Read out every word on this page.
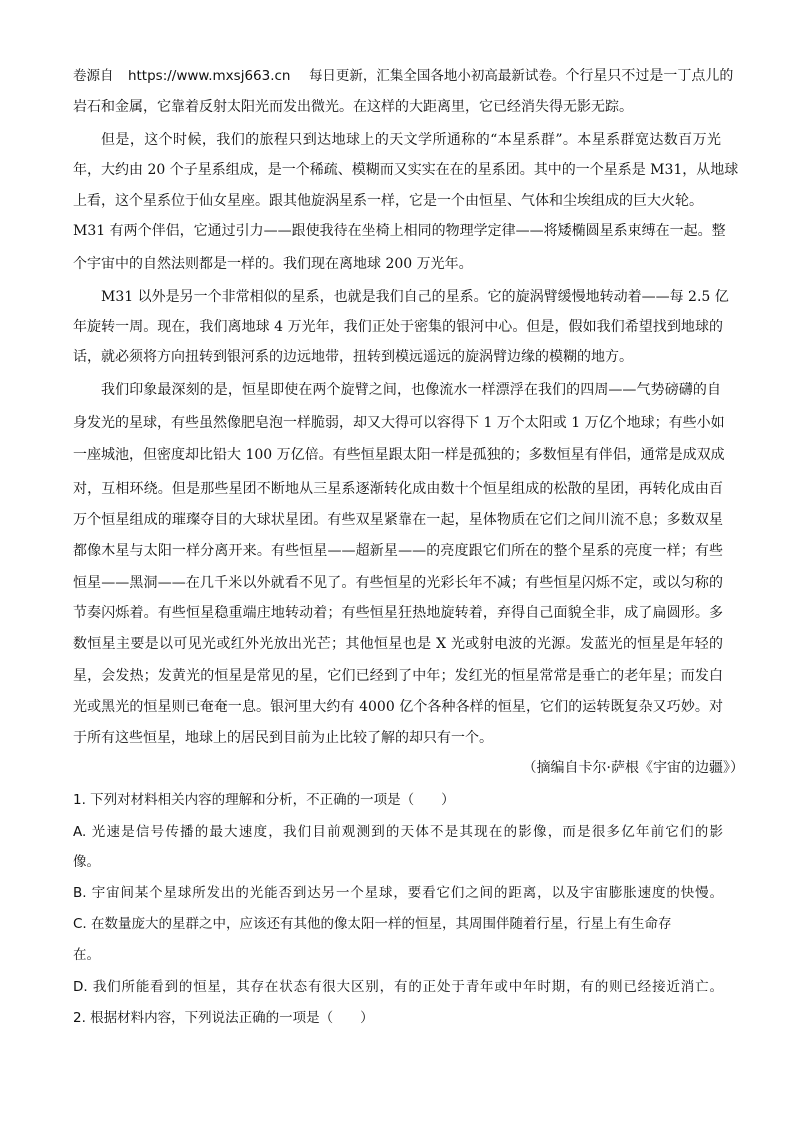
卷源自 https://www.mxsj663.cn 每日更新，汇集全国各地小初高最新试卷。个行星只不过是一丁点儿的
岩石和金属，它靠着反射太阳光而发出微光。在这样的大距离里，它已经消失得无影无踪。
但是，这个时候，我们的旅程只到达地球上的天文学所通称的“本星系群”。本星系群宽达数百万光
年，大约由 20 个子星系组成，是一个稀疏、模糊而又实实在在的星系团。其中的一个星系是 M31，从地球
上看，这个星系位于仙女星座。跟其他旋涡星系一样，它是一个由恒星、气体和尘埃组成的巨大火轮。
M31 有两个伴侣，它通过引力——跟使我待在坐椅上相同的物理学定律——将矮椭圆星系束缚在一起。整
个宇宙中的自然法则都是一样的。我们现在离地球 200 万光年。
M31 以外是另一个非常相似的星系，也就是我们自己的星系。它的旋涡臂缓慢地转动着——每 2.5 亿
年旋转一周。现在，我们离地球 4 万光年，我们正处于密集的银河中心。但是，假如我们希望找到地球的
话，就必须将方向扭转到银河系的边远地带，扭转到模远遥远的旋涡臂边缘的模糊的地方。
我们印象最深刻的是，恒星即使在两个旋臂之间，也像流水一样漂浮在我们的四周——气势磅礴的自
身发光的星球，有些虽然像肥皂泡一样脆弱，却又大得可以容得下 1 万个太阳或 1 万亿个地球；有些小如
一座城池，但密度却比铅大 100 万亿倍。有些恒星跟太阳一样是孤独的；多数恒星有伴侣，通常是成双成
对，互相环绕。但是那些星团不断地从三星系逐渐转化成由数十个恒星组成的松散的星团，再转化成由百
万个恒星组成的璀璨夺目的大球状星团。有些双星紧靠在一起，星体物质在它们之间川流不息；多数双星
都像木星与太阳一样分离开来。有些恒星——超新星——的亮度跟它们所在的整个星系的亮度一样；有些
恒星——黑洞——在几千米以外就看不见了。有些恒星的光彩长年不减；有些恒星闪烁不定，或以匀称的
节奏闪烁着。有些恒星稳重端庄地转动着；有些恒星狂热地旋转着，弃得自己面貌全非，成了扁圆形。多
数恒星主要是以可见光或红外光放出光芒；其他恒星也是 X 光或射电波的光源。发蓝光的恒星是年轻的
星，会发热；发黄光的恒星是常见的星，它们已经到了中年；发红光的恒星常常是垂亡的老年星；而发白
光或黑光的恒星则已奄奄一息。银河里大约有 4000 亿个各种各样的恒星，它们的运转既复杂又巧妙。对
于所有这些恒星，地球上的居民到目前为止比较了解的却只有一个。
（摘编自卡尔·萨根《宇宙的边疆》）
1. 下列对材料相关内容的理解和分析，不正确的一项是（　　）
A. 光速是信号传播的最大速度，我们目前观测到的天体不是其现在的影像，而是很多亿年前它们的影
像。
B. 宇宙间某个星球所发出的光能否到达另一个星球，要看它们之间的距离，以及宇宙膨胀速度的快慢。
C. 在数量庞大的星群之中，应该还有其他的像太阳一样的恒星，其周围伴随着行星，行星上有生命存
在。
D. 我们所能看到的恒星，其存在状态有很大区别，有的正处于青年或中年时期，有的则已经接近消亡。
2. 根据材料内容，下列说法正确的一项是（　　）
